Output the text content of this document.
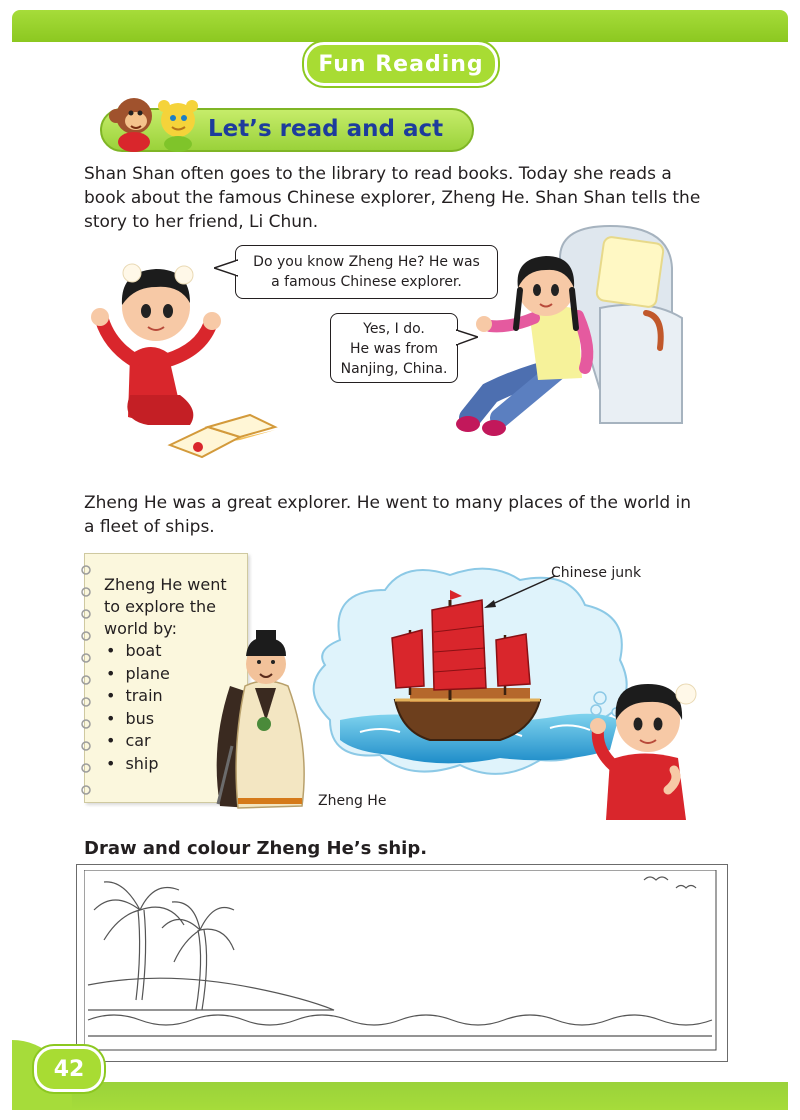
Fun Reading
Let’s read and act
Shan Shan often goes to the library to read books. Today she reads a
book about the famous Chinese explorer, Zheng He. Shan Shan tells the
story to her friend, Li Chun.
Do you know Zheng He? He was
a famous Chinese explorer.
Yes, I do.
He was from
Nanjing, China.
Zheng He was a great explorer. He went to many places of the world in
a fleet of ships.
Zheng He went
to explore the
world by:
• boat
• plane
• train
• bus
• car
• ship
Chinese junk
Zheng He
Draw and colour Zheng He’s ship.
42
